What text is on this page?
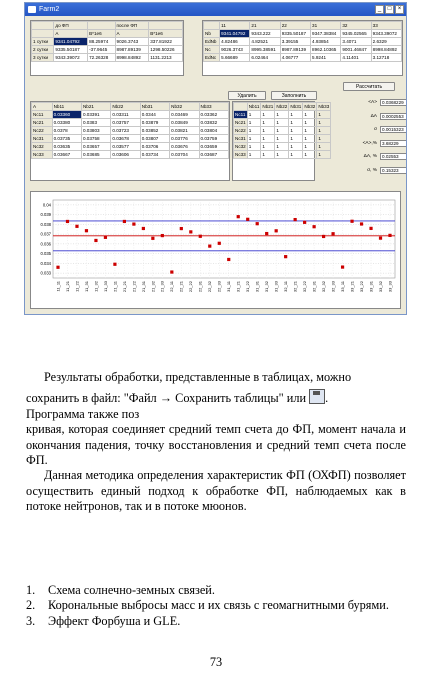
Farm2	_	□	×
	до ФП		после ФП	
	A	B*1e6	A	B*1e6
1 сутки	9341.04792	88.25974	9026.3743	337.81922
2 сутки	9335.50187	-37.9645	8987.89139	1298.50226
3 сутки	9343.39072	72.26328	8998.84892	1131.2213
	11	21	22	31	32	33
Nb	9341.04792	9343.222	9335.50187	9347.38384	9345.02565	9343.39072
EdNb	4.82486	4.82521	3.39155	4.93854	3.4071	2.6329
Nc	9026.3743	8995.38591	8987.89139	8962.10365	9001.46847	8998.84892
EdNc	5.66689	6.02464	4.06777	5.9241	4.11401	3.12718
Рассчитать
Удалить	Заполнить
A	Nb11	Nb21	Nb22	Nb31	Nb32	Nb33
Nc11	0.03360	0.03391	0.03311	0.0344	0.03469	0.03362
Nc21	0.03380	0.0383	0.03757	0.03879	0.03849	0.03832
Nc22	0.0378	0.03803	0.03723	0.03852	0.03821	0.03804
Nc31	0.03735	0.03758	0.03678	0.03807	0.03776	0.03759
Nc32	0.03635	0.03657	0.03577	0.03706	0.03676	0.03659
Nc33	0.03667	0.03685	0.03606	0.03734	0.03704	0.03687
	Nb11	Nb21	Nb22	Nb31	Nb32	Nb33
Nc11	1	1	1	1	1	1
Nc21	1	1	1	1	1	1
Nc22	1	1	1	1	1	1
Nc31	1	1	1	1	1	1
Nc32	1	1	1	1	1	1
Nc33	1	1	1	1	1	1
<A>	0.0368229
ΔA	0.0002553
σ	0.0015323
<A>,%	3.68229
ΔA, %	0.02553
σ, %	0.15323
0.04
0.039
0.038
0.037
0.036
0.035
0.034
0.033
11_11 11_21 11_22 11_31 11_32 11_33 21_11 21_21 21_22 21_31 21_32 21_33 22_11 22_21 22_22 22_31 22_32 22_33 31_11 31_21 31_22 31_31 31_32 31_33 32_11 32_21 32_22 32_31 32_32 32_33 33_11 33_21 33_22 33_31 33_32 33_33

Результаты обработки, представленные в таблицах, можно

сохранить в файл: "Файл → Сохранить таблицы" или .

Программа также поз

кривая, которая соединяет средний темп счета до ФП, момент начала и окончания падения, точку восстановления и средний темп счета после ФП.

Данная методика определения характеристик ФП (ОХФП) позволяет осуществить единый подход к обработке ФП, наблюдаемых как в потоке нейтронов, так и в потоке мюонов.

1.	Схема солнечно-земных связей.
2.	Корональные выбросы масс и их связь с геомагнитными бурями.
3.	Эффект Форбуша и GLE.
73
